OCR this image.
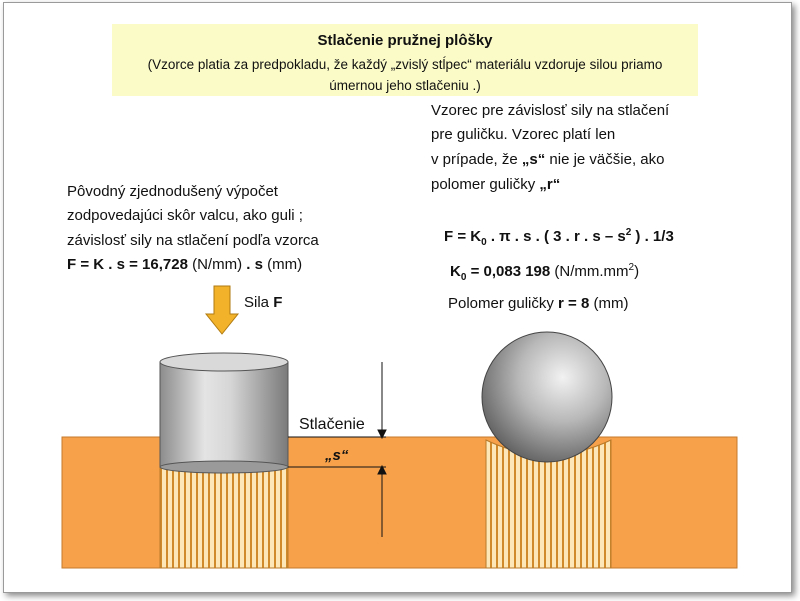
Stlačenie pružnej plôšky
(Vzorce platia za predpokladu, že každý „zvislý stĺpec“ materiálu vzdoruje silou priamo
úmernou jeho stlačeniu .)
Pôvodný zjednodušený výpočet
zodpovedajúci skôr valcu, ako guli ;
závislosť sily na stlačení podľa vzorca
F = K . s = 16,728 (N/mm) . s (mm)
Sila F
Stlačenie
„s“
Vzorec pre závislosť sily na stlačení
pre guličku. Vzorec platí len
v prípade, že „s“ nie je väčšie, ako
polomer guličky „r“
$F = K_0$ . π . s . ( 3 . r . s – $s^2$ ) . 1/3
$K_0 = 0,083$ 198 $(N/mm.mm^2)$
Polomer guličky r = 8 (mm)
